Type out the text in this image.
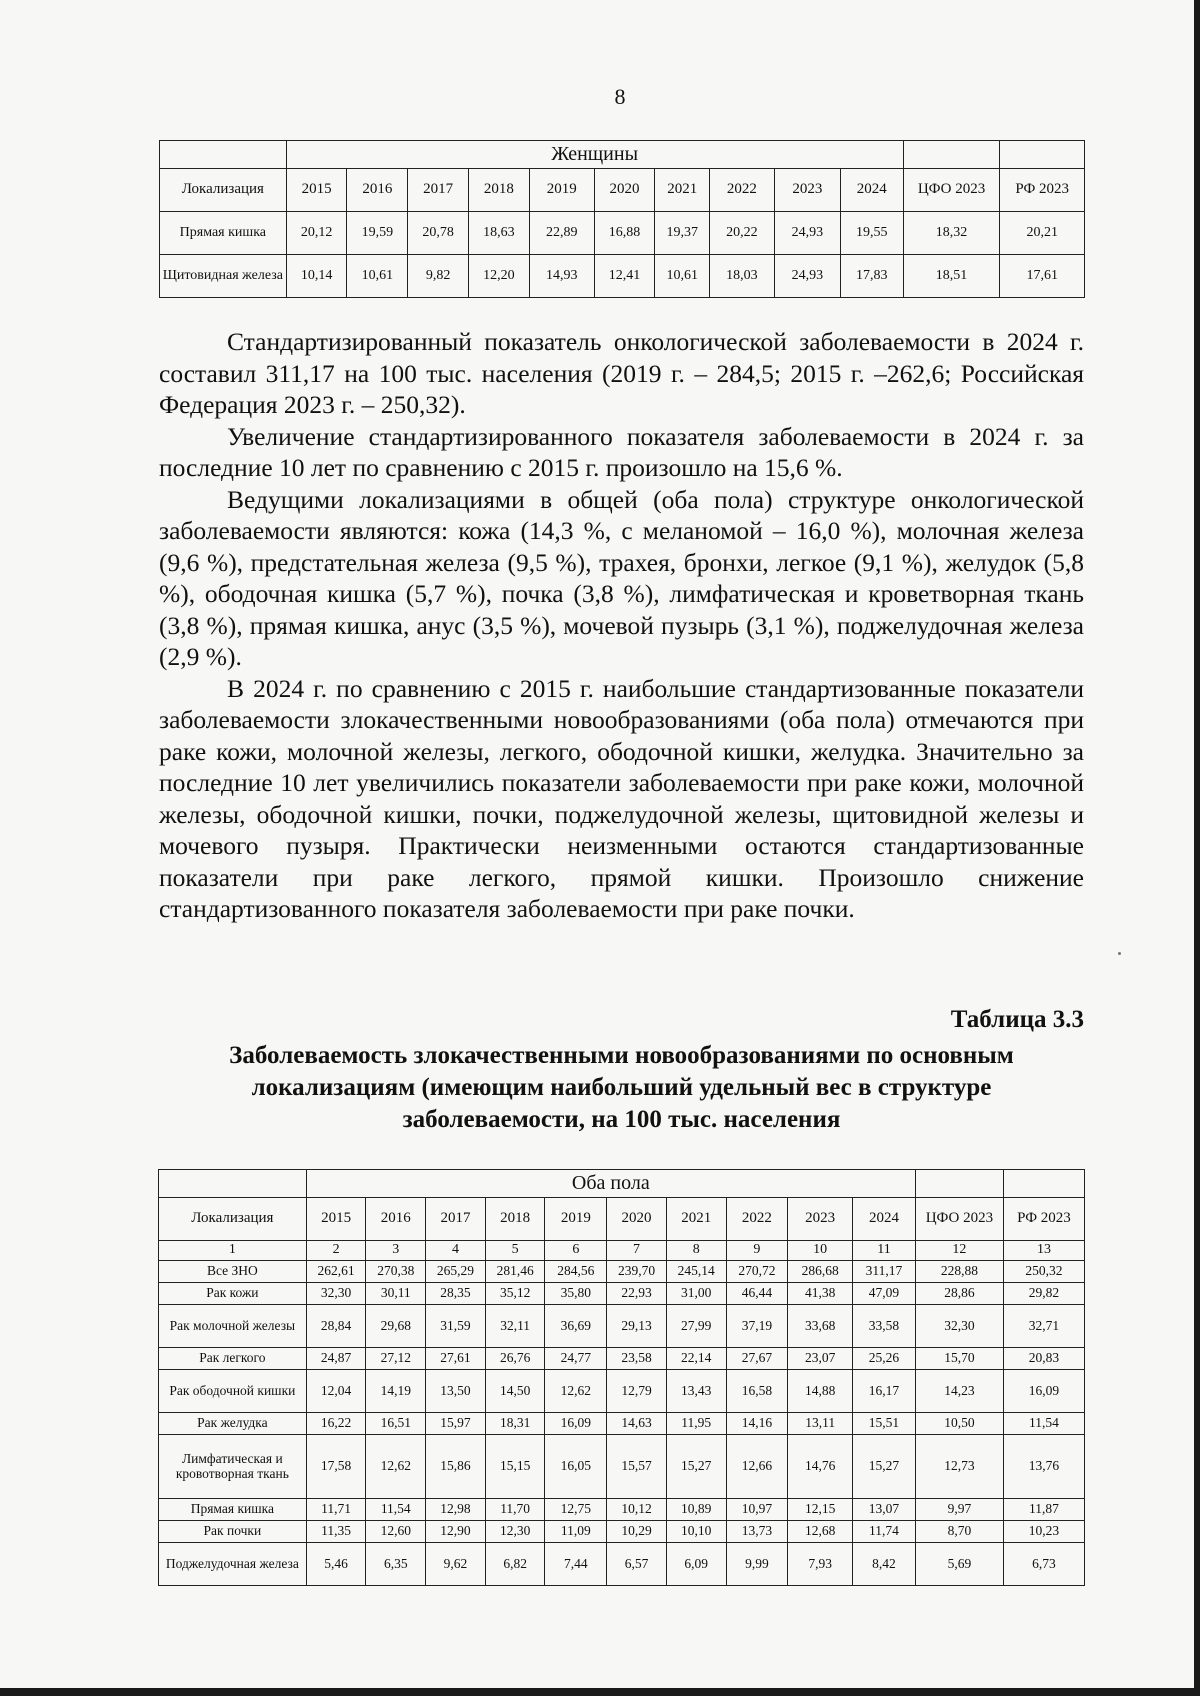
8
	Женщины											
Локализация	2015	2016	2017	2018	2019	2020	2021	2022	2023	2024	ЦФО 2023	РФ 2023
Прямая кишка	20,12	19,59	20,78	18,63	22,89	16,88	19,37	20,22	24,93	19,55	18,32	20,21
Щитовидная железа	10,14	10,61	9,82	12,20	14,93	12,41	10,61	18,03	24,93	17,83	18,51	17,61

Стандартизированный показатель онкологической заболеваемости в 2024 г. составил 311,17 на 100 тыс. населения (2019 г. – 284,5; 2015 г. –262,6; Российская Федерация 2023 г. – 250,32).

Увеличение стандартизированного показателя заболеваемости в 2024 г. за последние 10 лет по сравнению с 2015 г. произошло на 15,6 %.

Ведущими локализациями в общей (оба пола) структуре онкологической заболеваемости являются: кожа (14,3 %, с меланомой – 16,0 %), молочная железа (9,6 %), предстательная железа (9,5 %), трахея, бронхи, легкое (9,1 %), желудок (5,8 %), ободочная кишка (5,7 %), почка (3,8 %), лимфатическая и кроветворная ткань (3,8 %), прямая кишка, анус (3,5 %), мочевой пузырь (3,1 %), поджелудочная железа (2,9 %).

В 2024 г. по сравнению с 2015 г. наибольшие стандартизованные показатели заболеваемости злокачественными новообразованиями (оба пола) отмечаются при раке кожи, молочной железы, легкого, ободочной кишки, желудка. Значительно за последние 10 лет увеличились показатели заболеваемости при раке кожи, молочной железы, ободочной кишки, почки, поджелудочной железы, щитовидной железы и мочевого пузыря. Практически неизменными остаются стандартизованные показатели при раке легкого, прямой кишки. Произошло снижение стандартизованного показателя заболеваемости при раке почки.

Таблица 3.3
Заболеваемость злокачественными новообразованиями по основным локализациям (имеющим наибольший удельный вес в структуре заболеваемости, на 100 тыс. населения
	Оба пола											
Локализация	2015	2016	2017	2018	2019	2020	2021	2022	2023	2024	ЦФО 2023	РФ 2023
1	2	3	4	5	6	7	8	9	10	11	12	13
Все ЗНО	262,61	270,38	265,29	281,46	284,56	239,70	245,14	270,72	286,68	311,17	228,88	250,32
Рак кожи	32,30	30,11	28,35	35,12	35,80	22,93	31,00	46,44	41,38	47,09	28,86	29,82
Рак молочной железы	28,84	29,68	31,59	32,11	36,69	29,13	27,99	37,19	33,68	33,58	32,30	32,71
Рак легкого	24,87	27,12	27,61	26,76	24,77	23,58	22,14	27,67	23,07	25,26	15,70	20,83
Рак ободочной кишки	12,04	14,19	13,50	14,50	12,62	12,79	13,43	16,58	14,88	16,17	14,23	16,09
Рак желудка	16,22	16,51	15,97	18,31	16,09	14,63	11,95	14,16	13,11	15,51	10,50	11,54
Лимфатическая и кровотворная ткань	17,58	12,62	15,86	15,15	16,05	15,57	15,27	12,66	14,76	15,27	12,73	13,76
Прямая кишка	11,71	11,54	12,98	11,70	12,75	10,12	10,89	10,97	12,15	13,07	9,97	11,87
Рак почки	11,35	12,60	12,90	12,30	11,09	10,29	10,10	13,73	12,68	11,74	8,70	10,23
Поджелудочная железа	5,46	6,35	9,62	6,82	7,44	6,57	6,09	9,99	7,93	8,42	5,69	6,73
